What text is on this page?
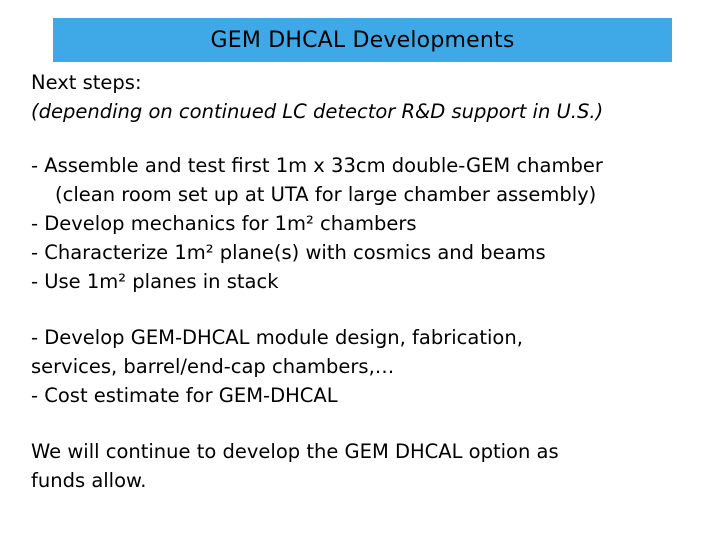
GEM DHCAL Developments
Next steps:
(depending on continued LC detector R&D support in U.S.)
- Assemble and test first 1m x 33cm double-GEM chamber
(clean room set up at UTA for large chamber assembly)
- Develop mechanics for 1m² chambers
- Characterize 1m² plane(s) with cosmics and beams
- Use 1m² planes in stack
- Develop GEM-DHCAL module design, fabrication,
services, barrel/end-cap chambers,…
- Cost estimate for GEM-DHCAL
We will continue to develop the GEM DHCAL option as
funds allow.
